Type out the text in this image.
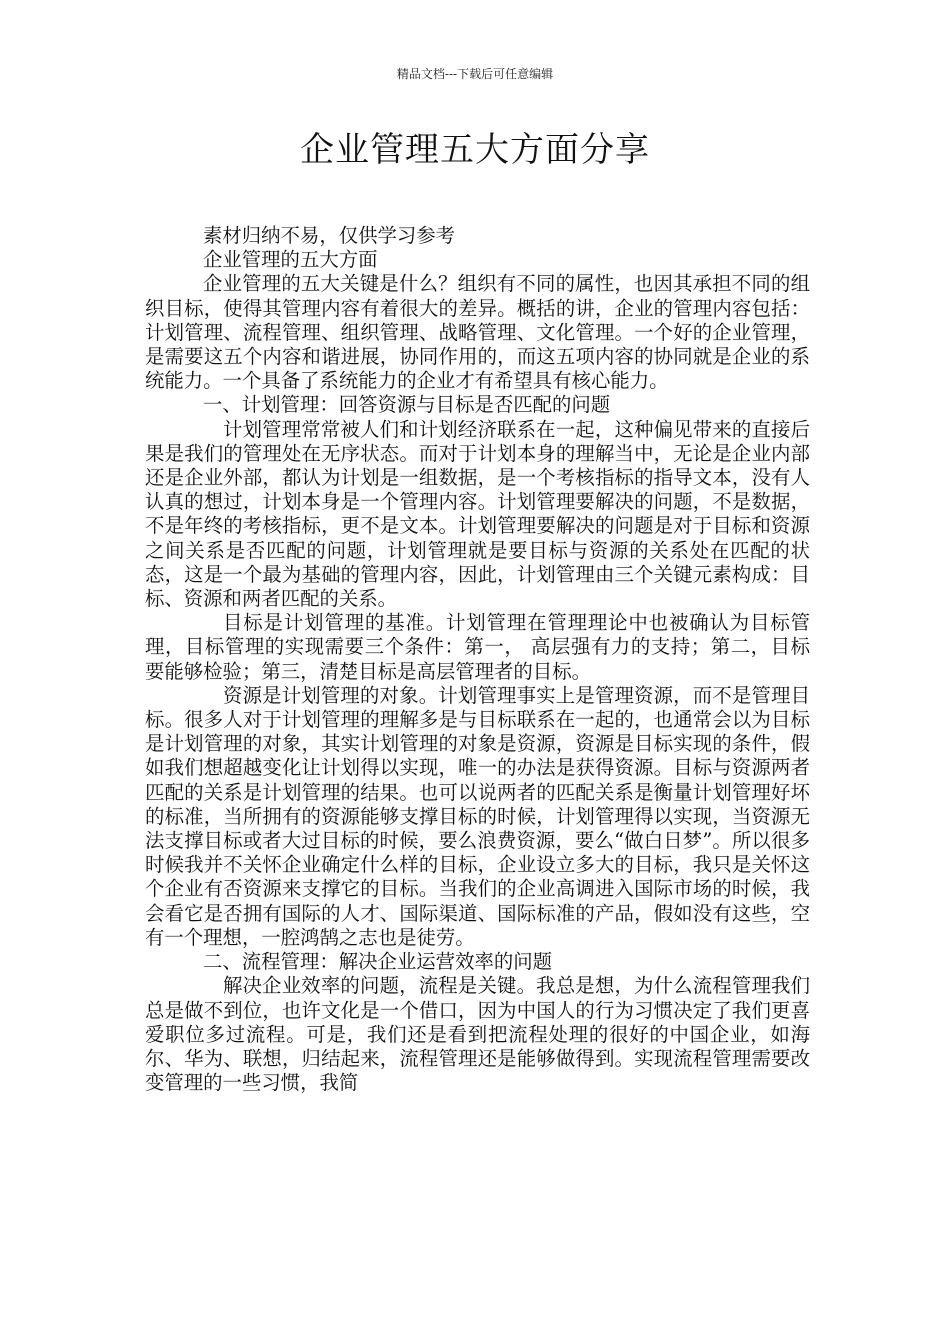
精品文档---下载后可任意编辑
企业管理五大方面分享

素材归纳不易，仅供学习参考

企业管理的五大方面

企业管理的五大关键是什么？组织有不同的属性，也因其承担不同的组织目标，使得其管理内容有着很大的差异。概括的讲，企业的管理内容包括：计划管理、流程管理、组织管理、战略管理、文化管理。一个好的企业管理，是需要这五个内容和谐进展，协同作用的，而这五项内容的协同就是企业的系统能力。一个具备了系统能力的企业才有希望具有核心能力。

一、计划管理：回答资源与目标是否匹配的问题

计划管理常常被人们和计划经济联系在一起，这种偏见带来的直接后果是我们的管理处在无序状态。而对于计划本身的理解当中，无论是企业内部还是企业外部，都认为计划是一组数据，是一个考核指标的指导文本，没有人认真的想过，计划本身是一个管理内容。计划管理要解决的问题，不是数据，不是年终的考核指标，更不是文本。计划管理要解决的问题是对于目标和资源之间关系是否匹配的问题，计划管理就是要目标与资源的关系处在匹配的状态，这是一个最为基础的管理内容，因此，计划管理由三个关键元素构成：目标、资源和两者匹配的关系。

目标是计划管理的基准。计划管理在管理理论中也被确认为目标管理，目标管理的实现需要三个条件：第一， 高层强有力的支持；第二，目标要能够检验；第三，清楚目标是高层管理者的目标。

资源是计划管理的对象。计划管理事实上是管理资源，而不是管理目标。很多人对于计划管理的理解多是与目标联系在一起的，也通常会以为目标是计划管理的对象，其实计划管理的对象是资源，资源是目标实现的条件，假如我们想超越变化让计划得以实现，唯一的办法是获得资源。目标与资源两者匹配的关系是计划管理的结果。也可以说两者的匹配关系是衡量计划管理好坏的标准，当所拥有的资源能够支撑目标的时候，计划管理得以实现，当资源无法支撑目标或者大过目标的时候，要么浪费资源，要么“做白日梦”。所以很多时候我并不关怀企业确定什么样的目标，企业设立多大的目标，我只是关怀这个企业有否资源来支撑它的目标。当我们的企业高调进入国际市场的时候，我会看它是否拥有国际的人才、国际渠道、国际标准的产品，假如没有这些，空有一个理想，一腔鸿鹄之志也是徒劳。

二、流程管理：解决企业运营效率的问题

解决企业效率的问题，流程是关键。我总是想，为什么流程管理我们总是做不到位，也许文化是一个借口，因为中国人的行为习惯决定了我们更喜爱职位多过流程。可是，我们还是看到把流程处理的很好的中国企业，如海尔、华为、联想，归结起来，流程管理还是能够做得到。实现流程管理需要改变管理的一些习惯，我简
